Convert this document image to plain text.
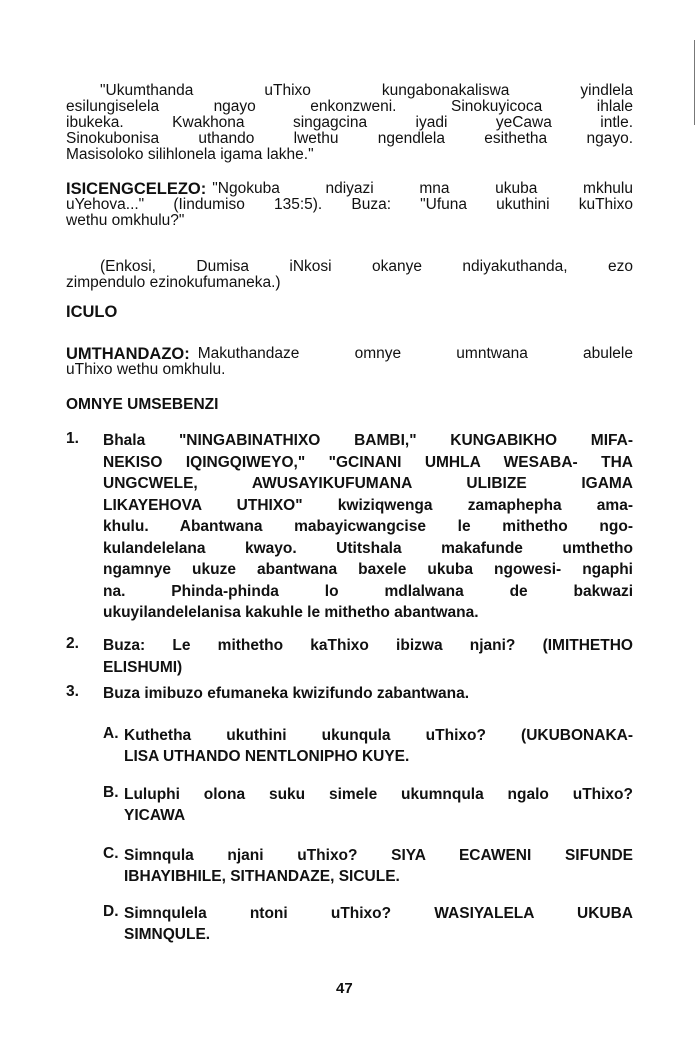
"Ukumthanda uThixo kungabonakaliswa yindlela
esilungiselela ngayo enkonzweni. Sinokuyicoca ihlale
ibukeka. Kwakhona singagcina iyadi yeCawa intle.
Sinokubonisa uthando lwethu ngendlela esithetha ngayo.
Masisoloko silihlonela igama lakhe."
ISICENGCELEZO: "Ngokuba ndiyazi mna ukuba mkhulu
uYehova..." (Iindumiso 135:5). Buza: "Ufuna ukuthini kuThixo
wethu omkhulu?"
(Enkosi, Dumisa iNkosi okanye ndiyakuthanda, ezo
zimpendulo ezinokufumaneka.)
ICULO
UMTHANDAZO: Makuthandaze omnye umntwana abulele
uThixo wethu omkhulu.
OMNYE UMSEBENZI
1. Bhala "NINGABINATHIXO BAMBI," KUNGABIKHO MIFA-
NEKISO IQINGQIWEYO," "GCINANI UMHLA WESABA- THA
UNGCWELE, AWUSAYIKUFUMANA ULIBIZE IGAMA
LIKAYEHOVA UTHIXO" kwiziqwenga zamaphepha ama-
khulu. Abantwana mabayicwangcise le mithetho ngo-
kulandelelana kwayo. Utitshala makafunde umthetho
ngamnye ukuze abantwana baxele ukuba ngowesi- ngaphi
na. Phinda-phinda lo mdlalwana de bakwazi
ukuyilandelelanisa kakuhle le mithetho abantwana.
2. Buza: Le mithetho kaThixo ibizwa njani? (IMITHETHO
ELISHUMI)
3. Buza imibuzo efumaneka kwizifundo zabantwana.
A. Kuthetha ukuthini ukunqula uThixo? (UKUBONAKA-
LISA UTHANDO NENTLONIPHO KUYE.
B. Luluphi olona suku simele ukumnqula ngalo uThixo?
YICAWA
C. Simnqula njani uThixo? SIYA ECAWENI SIFUNDE
IBHAYIBHILE, SITHANDAZE, SICULE.
D. Simnqulela ntoni uThixo? WASIYALELA UKUBA
SIMNQULE.
47
